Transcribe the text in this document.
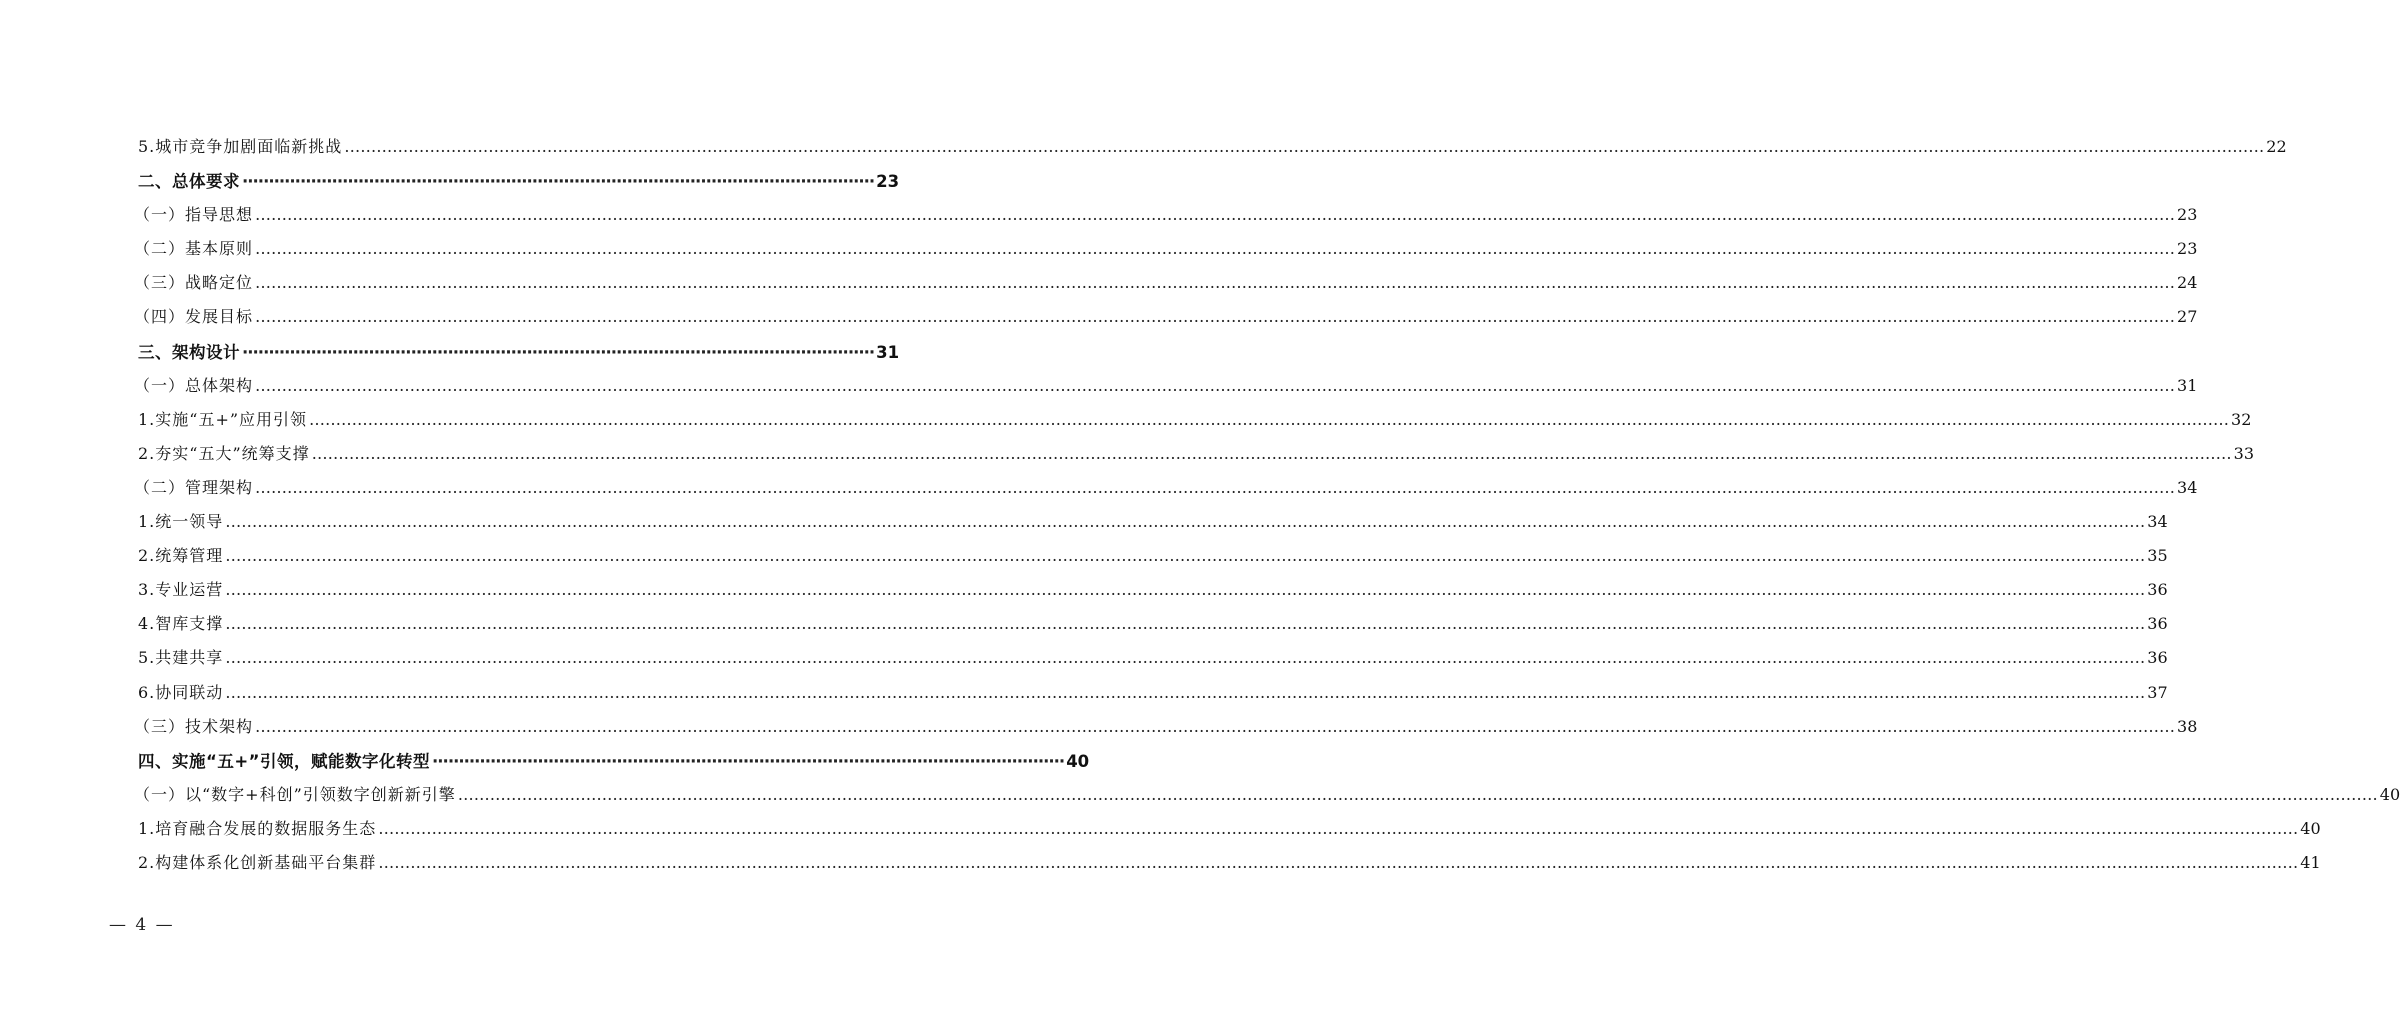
5.城市竞争加剧面临新挑战 ……………………………………………………………………………………………………………………………………………………………………………………………………………………………………………………………………………………………………………………………… 22
二、总体要求 ························································································································ 23
（一）指导思想 ……………………………………………………………………………………………………………………………………………………………………………………………………………………………………………………………………………………………………………………………… 23
（二）基本原则 ……………………………………………………………………………………………………………………………………………………………………………………………………………………………………………………………………………………………………………………………… 23
（三）战略定位 ……………………………………………………………………………………………………………………………………………………………………………………………………………………………………………………………………………………………………………………………… 24
（四）发展目标 ……………………………………………………………………………………………………………………………………………………………………………………………………………………………………………………………………………………………………………………………… 27
三、架构设计 ························································································································ 31
（一）总体架构 ……………………………………………………………………………………………………………………………………………………………………………………………………………………………………………………………………………………………………………………………… 31
1.实施“五+”应用引领 ……………………………………………………………………………………………………………………………………………………………………………………………………………………………………………………………………………………………………………………………… 32
2.夯实“五大”统筹支撑 ……………………………………………………………………………………………………………………………………………………………………………………………………………………………………………………………………………………………………………………………… 33
（二）管理架构 ……………………………………………………………………………………………………………………………………………………………………………………………………………………………………………………………………………………………………………………………… 34
1.统一领导 ……………………………………………………………………………………………………………………………………………………………………………………………………………………………………………………………………………………………………………………………… 34
2.统筹管理 ……………………………………………………………………………………………………………………………………………………………………………………………………………………………………………………………………………………………………………………………… 35
3.专业运营 ……………………………………………………………………………………………………………………………………………………………………………………………………………………………………………………………………………………………………………………………… 36
4.智库支撑 ……………………………………………………………………………………………………………………………………………………………………………………………………………………………………………………………………………………………………………………………… 36
5.共建共享 ……………………………………………………………………………………………………………………………………………………………………………………………………………………………………………………………………………………………………………………………… 36
6.协同联动 ……………………………………………………………………………………………………………………………………………………………………………………………………………………………………………………………………………………………………………………………… 37
（三）技术架构 ……………………………………………………………………………………………………………………………………………………………………………………………………………………………………………………………………………………………………………………………… 38
四、实施“五+”引领，赋能数字化转型 ························································································································ 40
（一）以“数字+科创”引领数字创新新引擎 ……………………………………………………………………………………………………………………………………………………………………………………………………………………………………………………………………………………………………………………………… 40
1.培育融合发展的数据服务生态 ……………………………………………………………………………………………………………………………………………………………………………………………………………………………………………………………………………………………………………………………… 40
2.构建体系化创新基础平台集群 ……………………………………………………………………………………………………………………………………………………………………………………………………………………………………………………………………………………………………………………………… 41
— 4 —
